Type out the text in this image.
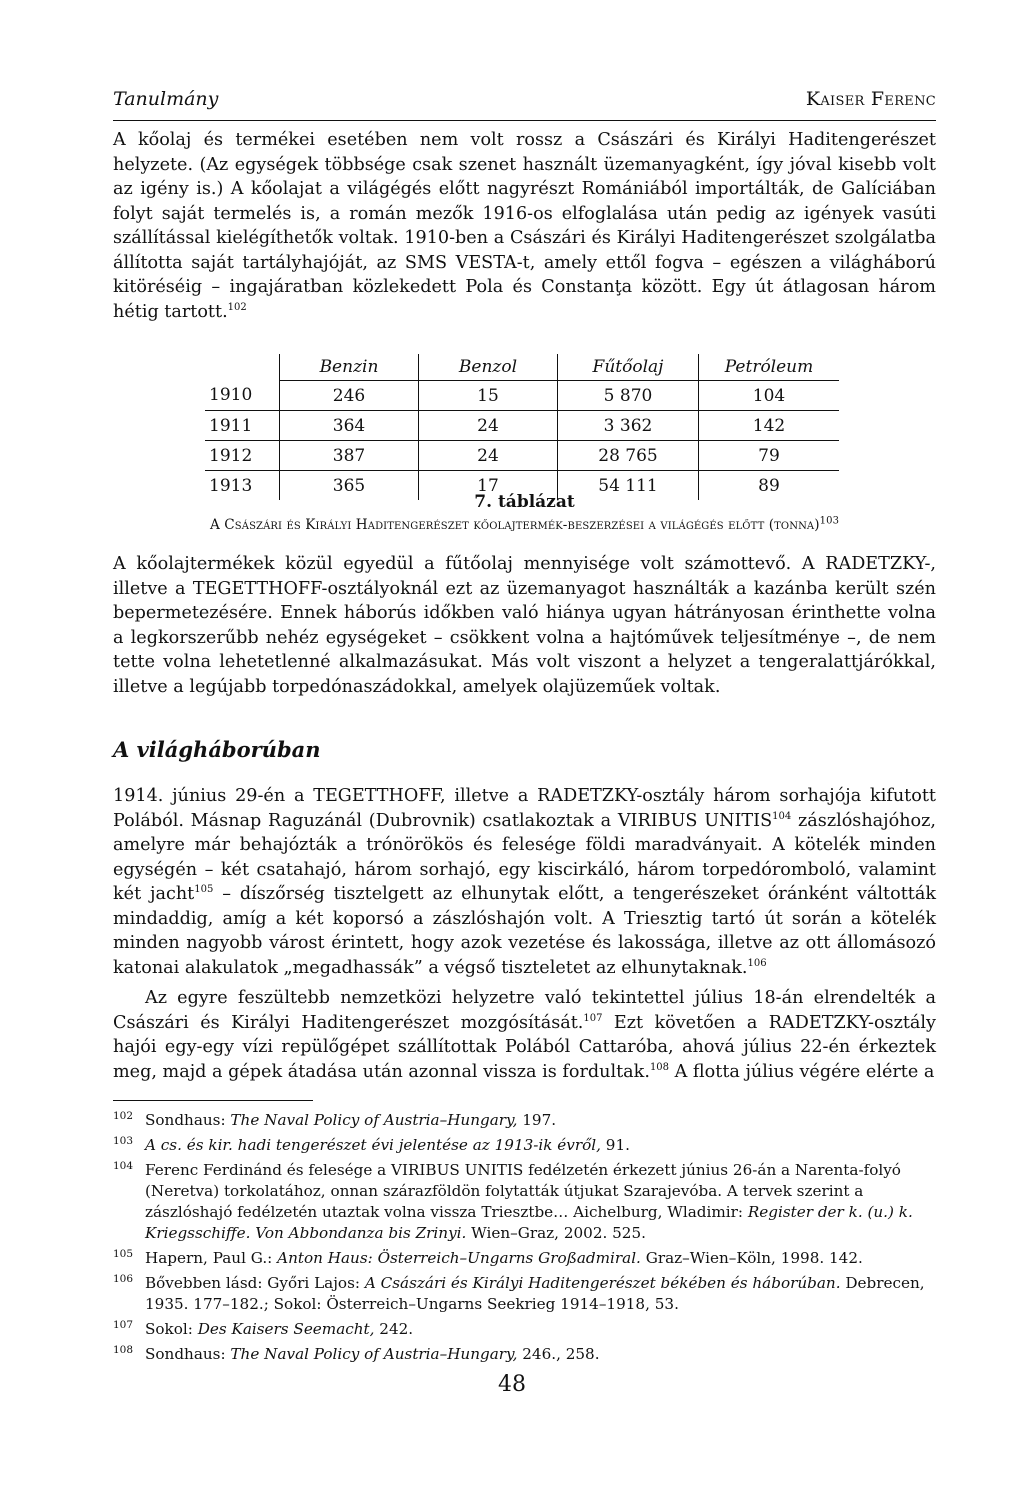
Tanulmány	Kaiser Ferenc

A kőolaj és termékei esetében nem volt rossz a Császári és Királyi Haditengerészet helyzete. (Az egységek többsége csak szenet használt üzemanyagként, így jóval kisebb volt az igény is.) A kőolajat a világégés előtt nagyrészt Romániából importálták, de Galíciában folyt saját termelés is, a román mezők 1916-os elfoglalása után pedig az igények vasúti szállítással kielégíthetők voltak. 1910-ben a Császári és Királyi Haditengerészet szolgálatba állította saját tartályhajóját, az SMS VESTA-t, amely ettől fogva – egészen a világháború kitöréséig – ingajáratban közlekedett Pola és Constanţa között. Egy út átlagosan három hétig tartott.$^{102}$

	Benzin	Benzol	Fűtőolaj	Petróleum
1910	246	15	5 870	104
1911	364	24	3 362	142
1912	387	24	28 765	79
1913	365	17	54 111	89
7. táblázat
A Császári és Királyi Haditengerészet kőolajtermék-beszerzései a világégés előtt (tonna)$^{103}$

A kőolajtermékek közül egyedül a fűtőolaj mennyisége volt számottevő. A RADETZKY-, illetve a TEGETTHOFF-osztályoknál ezt az üzemanyagot használták a kazánba került szén bepermetezésére. Ennek háborús időkben való hiánya ugyan hátrányosan érinthette volna a legkorszerűbb nehéz egységeket – csökkent volna a hajtóművek teljesítménye –, de nem tette volna lehetetlenné alkalmazásukat. Más volt viszont a helyzet a tengeralattjárókkal, illetve a legújabb torpedónaszádokkal, amelyek olajüzeműek voltak.

A világháborúban

1914. június 29-én a TEGETTHOFF, illetve a RADETZKY-osztály három sorhajója kifutott Polából. Másnap Raguzánál (Dubrovnik) csatlakoztak a VIRIBUS UNITIS$^{104}$ zászlóshajóhoz, amelyre már behajózták a trónörökös és felesége földi maradványait. A kötelék minden egységén – két csatahajó, három sorhajó, egy kiscirkáló, három torpedóromboló, valamint két jacht$^{105}$ – díszőrség tisztelgett az elhunytak előtt, a tengerészeket óránként váltották mindaddig, amíg a két koporsó a zászlóshajón volt. A Triesztig tartó út során a kötelék minden nagyobb várost érintett, hogy azok vezetése és lakossága, illetve az ott állomásozó katonai alakulatok „megadhassák” a végső tiszteletet az elhunytaknak.$^{106}$

Az egyre feszültebb nemzetközi helyzetre való tekintettel július 18-án elrendelték a Császári és Királyi Haditengerészet mozgósítását.$^{107}$ Ezt követően a RADETZKY-osztály hajói egy-egy vízi repülőgépet szállítottak Polából Cattaróba, ahová július 22-én érkeztek meg, majd a gépek átadása után azonnal vissza is fordultak.$^{108}$ A flotta július végére elérte a

102 Sondhaus: The Naval Policy of Austria–Hungary, 197.
103 A cs. és kir. hadi tengerészet évi jelentése az 1913-ik évről, 91.
104 Ferenc Ferdinánd és felesége a VIRIBUS UNITIS fedélzetén érkezett június 26-án a Narenta-folyó (Neretva) torkolatához, onnan szárazföldön folytatták útjukat Szarajevóba. A tervek szerint a zászlóshajó fedélzetén utaztak volna vissza Triesztbe… Aichelburg, Wladimir: Register der k. (u.) k. Kriegsschiffe. Von Abbondanza bis Zrinyi. Wien–Graz, 2002. 525.
105 Hapern, Paul G.: Anton Haus: Österreich–Ungarns Großadmiral. Graz–Wien–Köln, 1998. 142.
106 Bővebben lásd: Győri Lajos: A Császári és Királyi Haditengerészet békében és háborúban. Debrecen, 1935. 177–182.; Sokol: Österreich–Ungarns Seekrieg 1914–1918, 53.
107 Sokol: Des Kaisers Seemacht, 242.
108 Sondhaus: The Naval Policy of Austria–Hungary, 246., 258.
48
